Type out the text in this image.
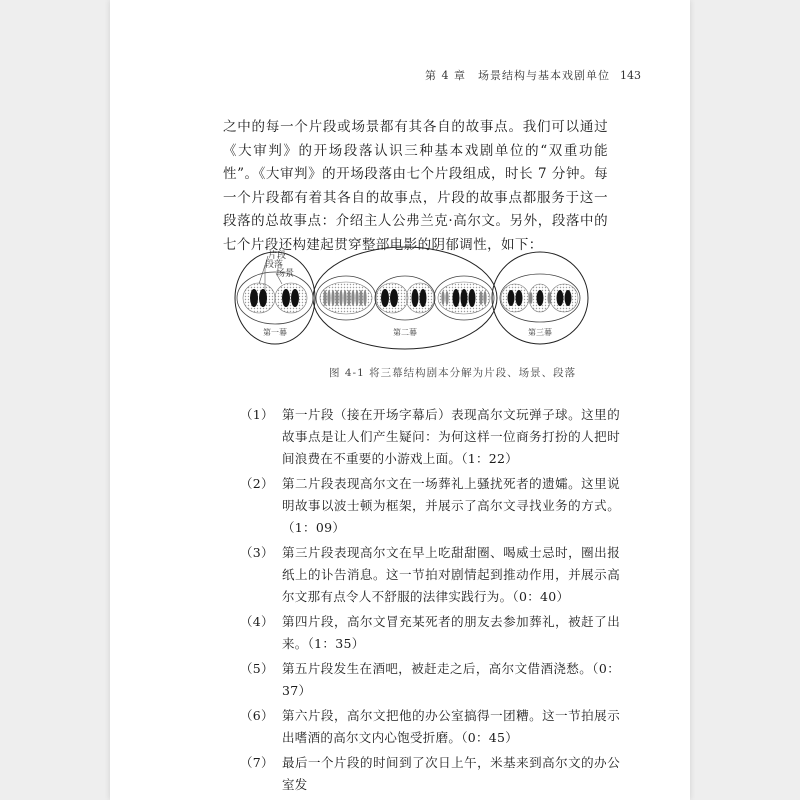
第 4 章　场景结构与基本戏剧单位 143

之中的每一个片段或场景都有其各自的故事点。我们可以通过《大审判》的开场段落认识三种基本戏剧单位的“双重功能性”。《大审判》的开场段落由七个片段组成，时长 7 分钟。每一个片段都有着其各自的故事点，片段的故事点都服务于这一段落的总故事点：介绍主人公弗兰克·高尔文。另外，段落中的七个片段还构建起贯穿整部电影的阴郁调性，如下：

片段
段落
场景
第一幕	第二幕	第三幕
图 4-1 将三幕结构剧本分解为片段、场景、段落
（1） 第一片段（接在开场字幕后）表现高尔文玩弹子球。这里的故事点是让人们产生疑问：为何这样一位商务打扮的人把时间浪费在不重要的小游戏上面。（1：22）
（2） 第二片段表现高尔文在一场葬礼上骚扰死者的遗孀。这里说明故事以波士顿为框架，并展示了高尔文寻找业务的方式。（1：09）
（3） 第三片段表现高尔文在早上吃甜甜圈、喝威士忌时，圈出报纸上的讣告消息。这一节拍对剧情起到推动作用，并展示高尔文那有点令人不舒服的法律实践行为。（0：40）
（4） 第四片段，高尔文冒充某死者的朋友去参加葬礼，被赶了出来。（1：35）
（5） 第五片段发生在酒吧，被赶走之后，高尔文借酒浇愁。（0：37）
（6） 第六片段，高尔文把他的办公室搞得一团糟。这一节拍展示出嗜酒的高尔文内心饱受折磨。（0：45）
（7） 最后一个片段的时间到了次日上午，米基来到高尔文的办公室发
